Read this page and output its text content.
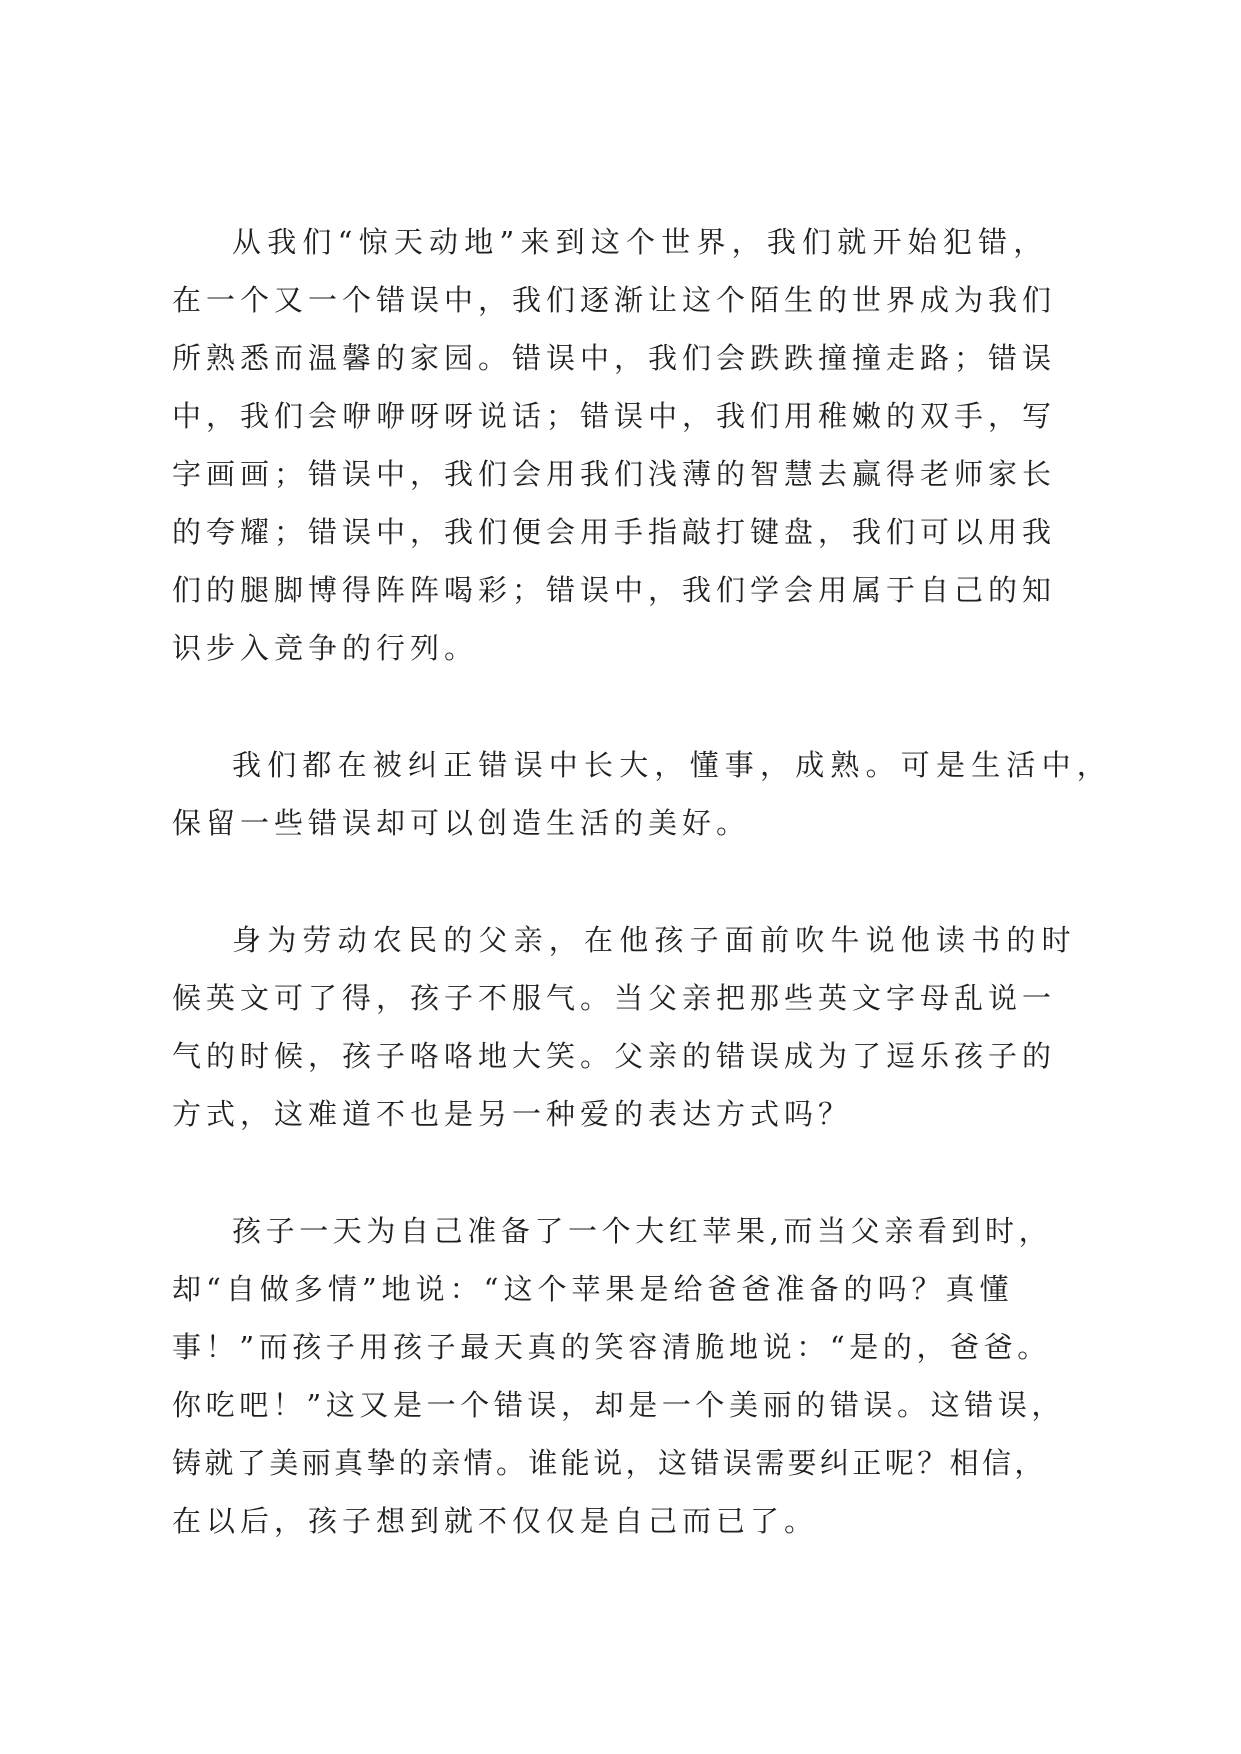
从我们“惊天动地”来到这个世界，我们就开始犯错，

在一个又一个错误中，我们逐渐让这个陌生的世界成为我们

所熟悉而温馨的家园。错误中，我们会跌跌撞撞走路；错误

中，我们会咿咿呀呀说话；错误中，我们用稚嫩的双手，写

字画画；错误中，我们会用我们浅薄的智慧去赢得老师家长

的夸耀；错误中，我们便会用手指敲打键盘，我们可以用我

们的腿脚博得阵阵喝彩；错误中，我们学会用属于自己的知

识步入竞争的行列。

我们都在被纠正错误中长大，懂事，成熟。可是生活中，

保留一些错误却可以创造生活的美好。

身为劳动农民的父亲，在他孩子面前吹牛说他读书的时

候英文可了得，孩子不服气。当父亲把那些英文字母乱说一

气的时候，孩子咯咯地大笑。父亲的错误成为了逗乐孩子的

方式，这难道不也是另一种爱的表达方式吗？

孩子一天为自己准备了一个大红苹果,而当父亲看到时，

却“自做多情”地说：“这个苹果是给爸爸准备的吗？真懂

事！”而孩子用孩子最天真的笑容清脆地说：“是的，爸爸。

你吃吧！”这又是一个错误，却是一个美丽的错误。这错误，

铸就了美丽真挚的亲情。谁能说，这错误需要纠正呢？相信，

在以后，孩子想到就不仅仅是自己而已了。
